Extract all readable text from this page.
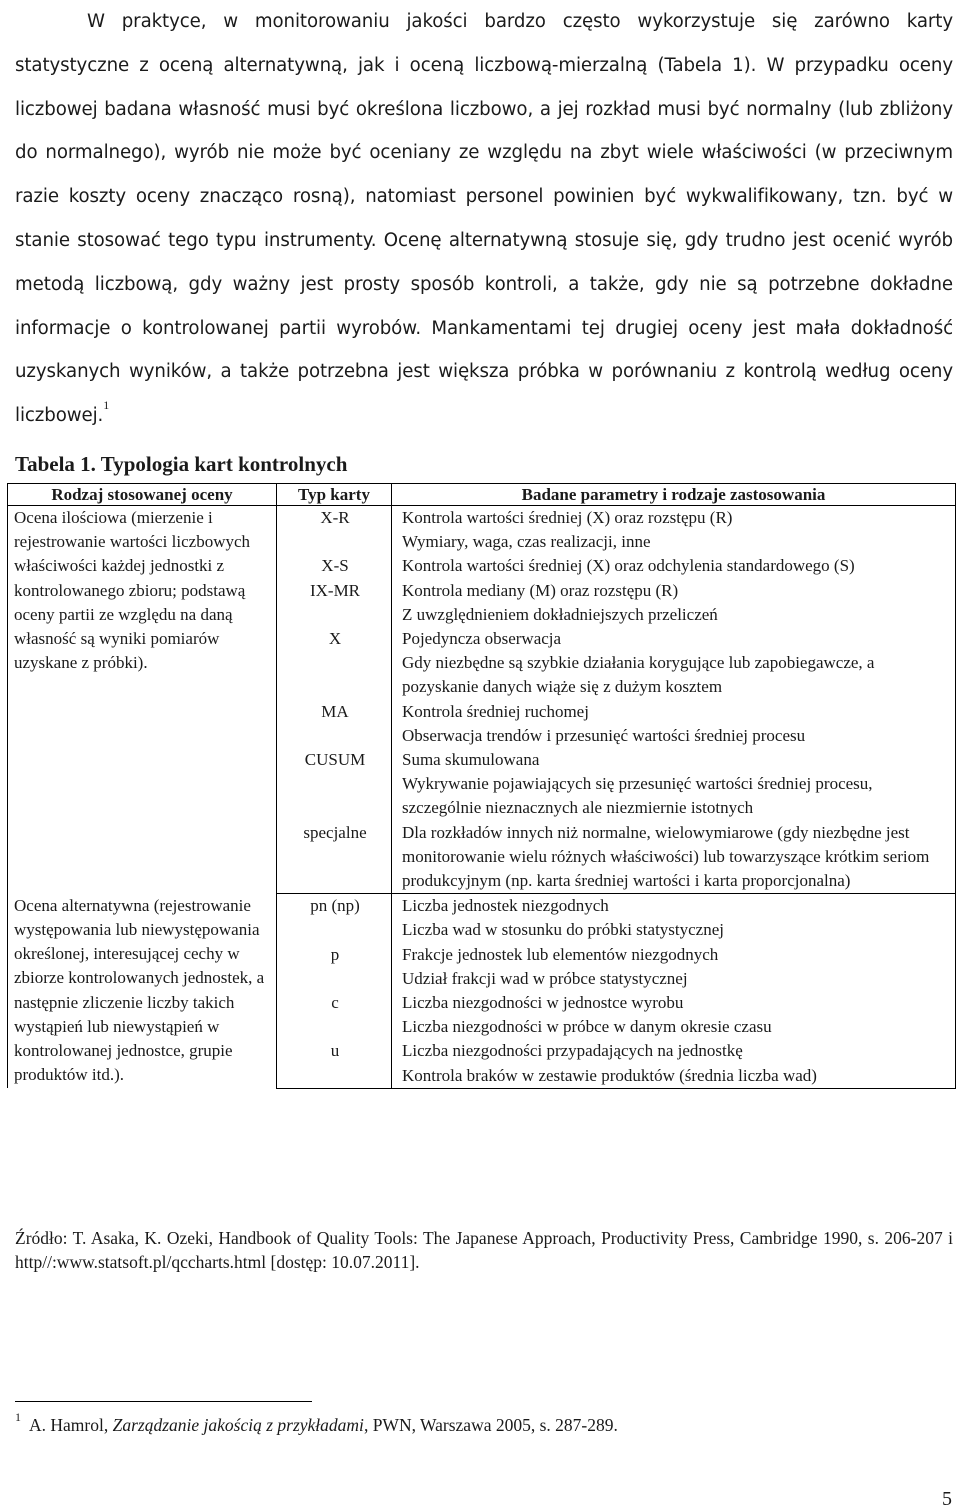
W praktyce, w monitorowaniu jakości bardzo często wykorzystuje się zarówno karty statystyczne z oceną alternatywną, jak i oceną liczbową-mierzalną (Tabela 1). W przypadku oceny liczbowej badana własność musi być określona liczbowo, a jej rozkład musi być normalny (lub zbliżony do normalnego), wyrób nie może być oceniany ze względu na zbyt wiele właściwości (w przeciwnym razie koszty oceny znacząco rosną), natomiast personel powinien być wykwalifikowany, tzn. być w stanie stosować tego typu instrumenty. Ocenę alternatywną stosuje się, gdy trudno jest ocenić wyrób metodą liczbową, gdy ważny jest prosty sposób kontroli, a także, gdy nie są potrzebne dokładne informacje o kontrolowanej partii wyrobów. Mankamentami tej drugiej oceny jest mała dokładność uzyskanych wyników, a także potrzebna jest większa próbka w porównaniu z kontrolą według oceny liczbowej.$^1$

Tabela 1. Typologia kart kontrolnych
Rodzaj stosowanej oceny	Typ karty	Badane parametry i rodzaje zastosowania
Ocena ilościowa (mierzenie i rejestrowanie wartości liczbowych właściwości każdej jednostki z kontrolowanego zbioru; podstawą oceny partii ze względu na daną własność są wyniki pomiarów uzyskane z próbki).	X-R	Kontrola wartości średniej (X) oraz rozstępu (R)
Wymiary, waga, czas realizacji, inne
	X-S	Kontrola wartości średniej (X) oraz odchylenia standardowego (S)
	IX-MR	Kontrola mediany (M) oraz rozstępu (R)
Z uwzględnieniem dokładniejszych przeliczeń
	X	Pojedyncza obserwacja
Gdy niezbędne są szybkie działania korygujące lub zapobiegawcze, a pozyskanie danych wiąże się z dużym kosztem
	MA	Kontrola średniej ruchomej
Obserwacja trendów i przesunięć wartości średniej procesu
	CUSUM	Suma skumulowana
Wykrywanie pojawiających się przesunięć wartości średniej procesu, szczególnie nieznacznych ale niezmiernie istotnych
	specjalne	Dla rozkładów innych niż normalne, wielowymiarowe (gdy niezbędne jest monitorowanie wielu różnych właściwości) lub towarzyszące krótkim seriom produkcyjnym (np. karta średniej wartości i karta proporcjonalna)
Ocena alternatywna (rejestrowanie występowania lub niewystępowania określonej, interesującej cechy w zbiorze kontrolowanych jednostek, a następnie zliczenie liczby takich wystąpień lub niewystąpień w kontrolowanej jednostce, grupie produktów itd.).	pn (np)	Liczba jednostek niezgodnych
Liczba wad w stosunku do próbki statystycznej
	p	Frakcje jednostek lub elementów niezgodnych
Udział frakcji wad w próbce statystycznej
	c	Liczba niezgodności w jednostce wyrobu
Liczba niezgodności w próbce w danym okresie czasu
	u	Liczba niezgodności przypadających na jednostkę
Kontrola braków w zestawie produktów (średnia liczba wad)
Źródło: T. Asaka, K. Ozeki, Handbook of Quality Tools: The Japanese Approach, Productivity Press, Cambridge 1990, s. 206-207 i http//:www.statsoft.pl/qccharts.html [dostęp: 10.07.2011].
$^1$ A. Hamrol, Zarządzanie jakością z przykładami, PWN, Warszawa 2005, s. 287-289.
5
